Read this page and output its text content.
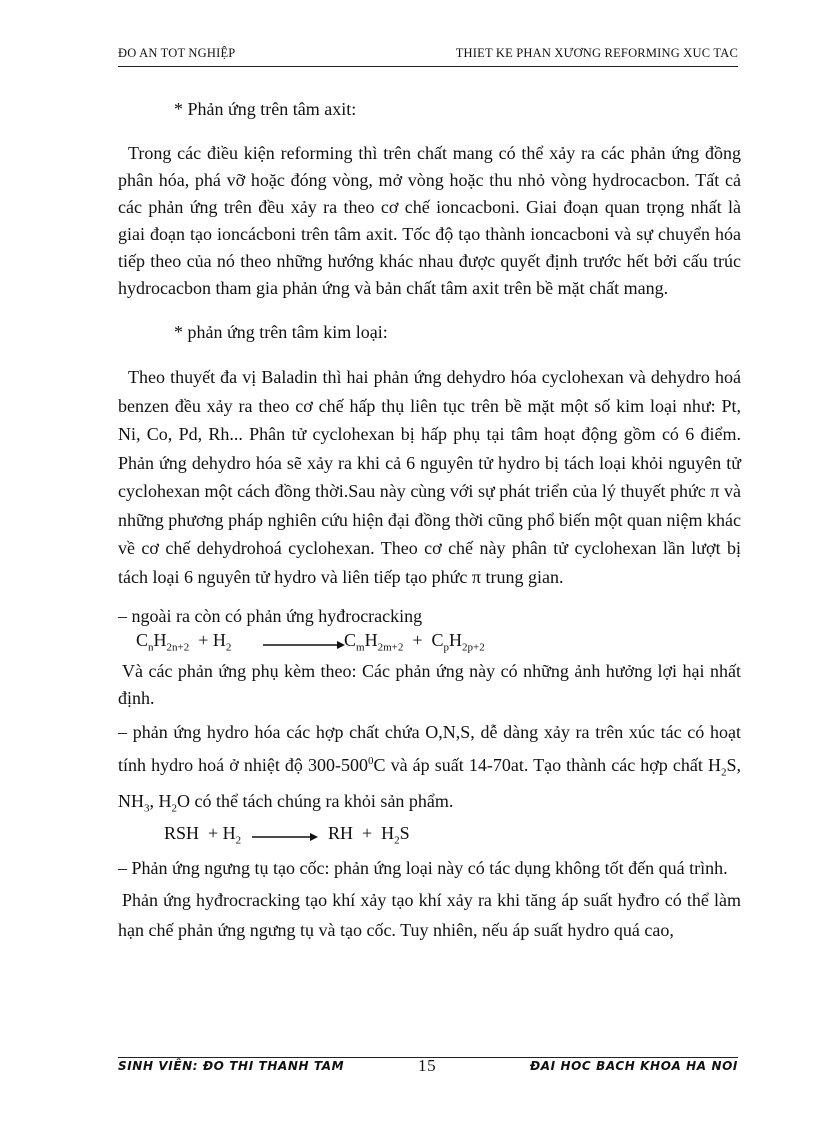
ĐO AN TOT NGHIỆP	THIET KE PHAN XƯƠNG REFORMING XUC TAC

* Phản ứng trên tâm axit:

Trong các điều kiện reforming thì trên chất mang có thể xảy ra các phản ứng đồng phân hóa, phá vỡ hoặc đóng vòng, mở vòng hoặc thu nhỏ vòng hydrocacbon. Tất cả các phản ứng trên đều xảy ra theo cơ chế ioncacboni. Giai đoạn quan trọng nhất là giai đoạn tạo ioncácboni trên tâm axit. Tốc độ tạo thành ioncacboni và sự chuyển hóa tiếp theo của nó theo những hướng khác nhau được quyết định trước hết bởi cấu trúc hydrocacbon tham gia phản ứng và bản chất tâm axit trên bề mặt chất mang.

* phản ứng trên tâm kim loại:

Theo thuyết đa vị Baladin thì hai phản ứng dehydro hóa cyclohexan và dehydro hoá benzen đều xảy ra theo cơ chế hấp thụ liên tục trên bề mặt một số kim loại như: Pt, Ni, Co, Pd, Rh... Phân tử cyclohexan bị hấp phụ tại tâm hoạt động gồm có 6 điểm. Phản ứng dehydro hóa sẽ xảy ra khi cả 6 nguyên tử hydro bị tách loại khỏi nguyên tử cyclohexan một cách đồng thời.Sau này cùng với sự phát triển của lý thuyết phức π và những phương pháp nghiên cứu hiện đại đồng thời cũng phổ biến một quan niệm khác về cơ chế dehydrohoá cyclohexan. Theo cơ chế này phân tử cyclohexan lần lượt bị tách loại 6 nguyên tử hydro và liên tiếp tạo phức π trung gian.

– ngoài ra còn có phản ứng hyđrocracking

$C_nH_{2n+2} + H_2$	$C_mH_{2m+2} + C_pH_{2p+2}$

Và các phản ứng phụ kèm theo: Các phản ứng này có những ảnh hưởng lợi hại nhất định.

– phản ứng hydro hóa các hợp chất chứa O,N,S, dễ dàng xảy ra trên xúc tác có hoạt tính hydro hoá ở nhiệt độ $300-500^0C$ và áp suất 14-70at. Tạo thành các hợp chất $H_2S$, $NH_3$, $H_2O$ có thể tách chúng ra khỏi sản phẩm.

RSH  + $H_2$	RH  +  $H_2S$

– Phản ứng ngưng tụ tạo cốc: phản ứng loại này có tác dụng không tốt đến quá trình.

Phản ứng hyđrocracking tạo khí xảy tạo khí xảy ra khi tăng áp suất hyđro có thể làm hạn chế phản ứng ngưng tụ và tạo cốc. Tuy nhiên, nếu áp suất hydro quá cao,

SINH VIÊN: ĐO THI THANH TAM	15	ĐAI HOC BACH KHOA HA NOI
